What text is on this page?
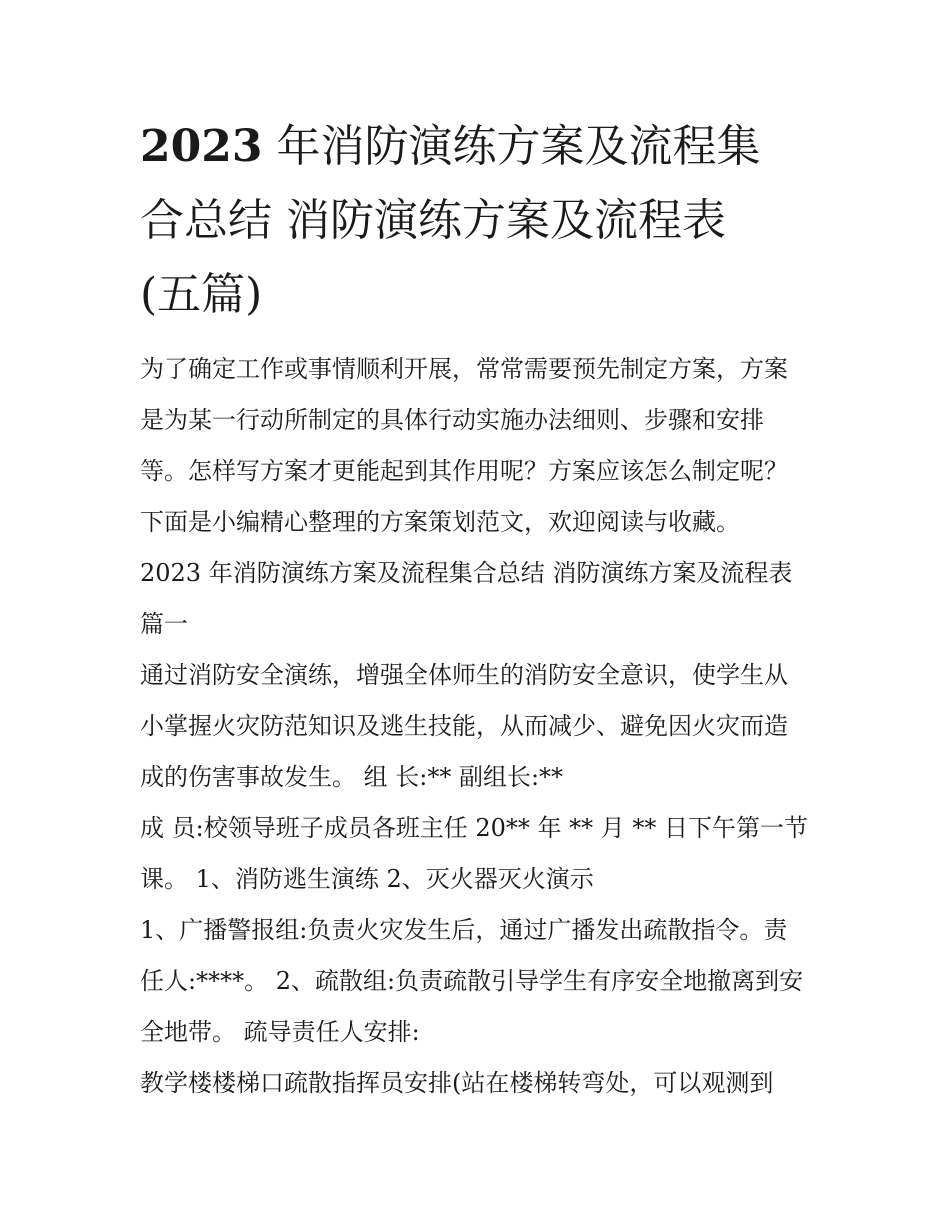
2023 年消防演练方案及流程集
合总结 消防演练方案及流程表
(五篇)

为了确定工作或事情顺利开展，常常需要预先制定方案，方案

是为某一行动所制定的具体行动实施办法细则、步骤和安排

等。怎样写方案才更能起到其作用呢？方案应该怎么制定呢？

下面是小编精心整理的方案策划范文，欢迎阅读与收藏。

2023 年消防演练方案及流程集合总结 消防演练方案及流程表

篇一

通过消防安全演练，增强全体师生的消防安全意识，使学生从

小掌握火灾防范知识及逃生技能，从而减少、避免因火灾而造

成的伤害事故发生。 组 长:** 副组长:**

成 员:校领导班子成员各班主任 20** 年 ** 月 ** 日下午第一节

课。 1、消防逃生演练 2、灭火器灭火演示

1、广播警报组:负责火灾发生后，通过广播发出疏散指令。责

任人:****。 2、疏散组:负责疏散引导学生有序安全地撤离到安

全地带。 疏导责任人安排:

教学楼楼梯口疏散指挥员安排(站在楼梯转弯处，可以观测到
